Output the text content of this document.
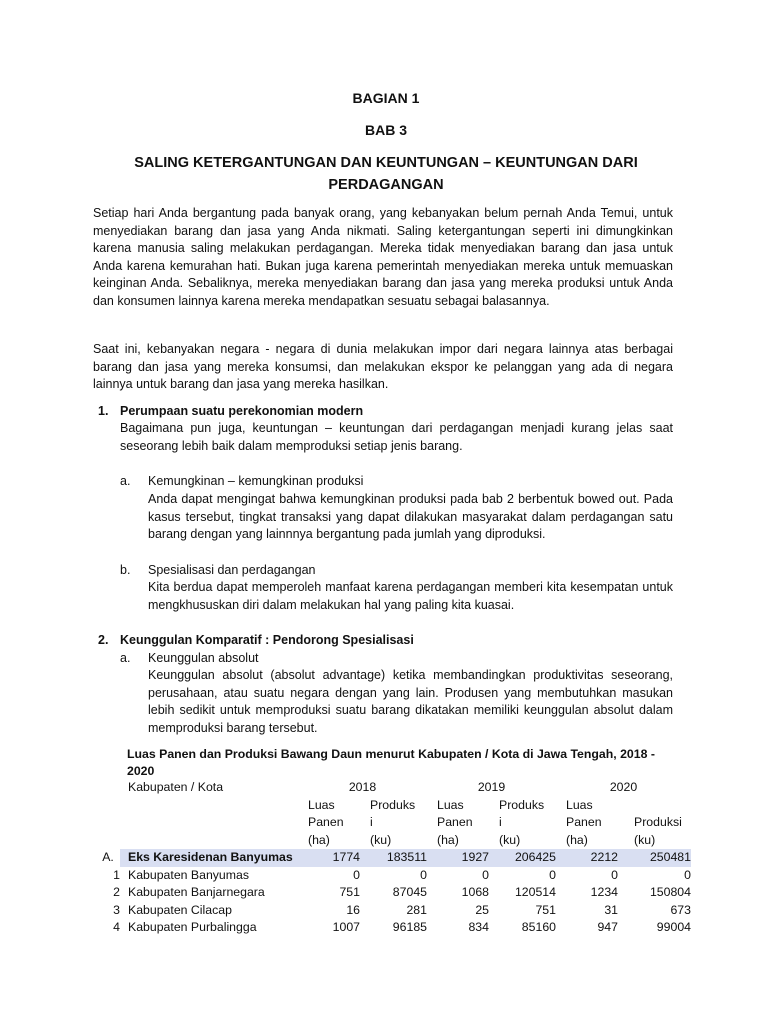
BAGIAN 1
BAB 3
SALING KETERGANTUNGAN DAN KEUNTUNGAN – KEUNTUNGAN DARI
PERDAGANGAN

Setiap hari Anda bergantung pada banyak orang, yang kebanyakan belum pernah Anda Temui, untuk menyediakan barang dan jasa yang Anda nikmati. Saling ketergantungan seperti ini dimungkinkan karena manusia saling melakukan perdagangan. Mereka tidak menyediakan barang dan jasa untuk Anda karena kemurahan hati. Bukan juga karena pemerintah menyediakan mereka untuk memuaskan keinginan Anda. Sebaliknya, mereka menyediakan barang dan jasa yang mereka produksi untuk Anda dan konsumen lainnya karena mereka mendapatkan sesuatu sebagai balasannya.

Saat ini, kebanyakan negara - negara di dunia melakukan impor dari negara lainnya atas berbagai barang dan jasa yang mereka konsumsi, dan melakukan ekspor ke pelanggan yang ada di negara lainnya untuk barang dan jasa yang mereka hasilkan.

1. Perumpaan suatu perekonomian modern
Bagaimana pun juga, keuntungan – keuntungan dari perdagangan menjadi kurang jelas saat seseorang lebih baik dalam memproduksi setiap jenis barang.
a. Kemungkinan – kemungkinan produksi
Anda dapat mengingat bahwa kemungkinan produksi pada bab 2 berbentuk bowed out. Pada kasus tersebut, tingkat transaksi yang dapat dilakukan masyarakat dalam perdagangan satu barang dengan yang lainnnya bergantung pada jumlah yang diproduksi.
b. Spesialisasi dan perdagangan
Kita berdua dapat memperoleh manfaat karena perdagangan memberi kita kesempatan untuk mengkhususkan diri dalam melakukan hal yang paling kita kuasai.
2. Keunggulan Komparatif : Pendorong Spesialisasi
a. Keunggulan absolut
Keunggulan absolut (absolut advantage) ketika membandingkan produktivitas seseorang, perusahaan, atau suatu negara dengan yang lain. Produsen yang membutuhkan masukan lebih sedikit untuk memproduksi suatu barang dikatakan memiliki keunggulan absolut dalam memproduksi barang tersebut.
Luas Panen dan Produksi Bawang Daun menurut Kabupaten / Kota di Jawa Tengah, 2018 - 2020
	Kabupaten / Kota	2018		2019		2020	
		Luas	Produks	Luas	Produks	Luas	
		Panen	i	Panen	i	Panen	Produksi
		(ha)	(ku)	(ha)	(ku)	(ha)	(ku)
A.	Eks Karesidenan Banyumas	1774	183511	1927	206425	2212	250481
1	Kabupaten Banyumas	0	0	0	0	0	0
2	Kabupaten Banjarnegara	751	87045	1068	120514	1234	150804
3	Kabupaten Cilacap	16	281	25	751	31	673
4	Kabupaten Purbalingga	1007	96185	834	85160	947	99004
